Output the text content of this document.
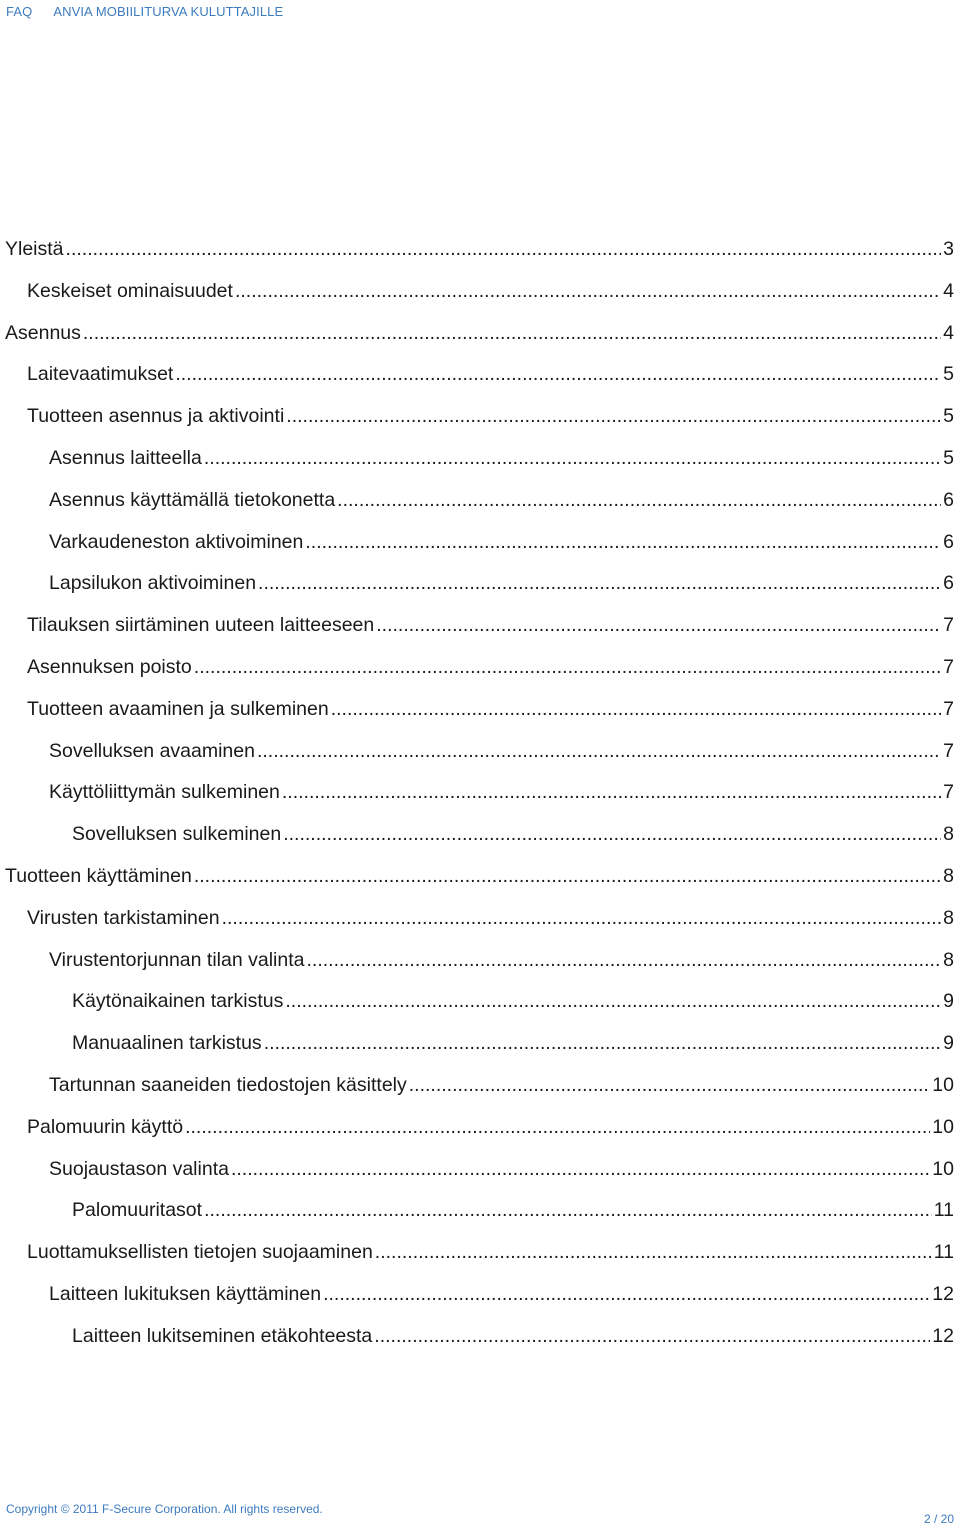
FAQ ANVIA MOBIILITURVA KULUTTAJILLE
Yleistä .....	3
Keskeiset ominaisuudet .....	4
Asennus .....	4
Laitevaatimukset .....	5
Tuotteen asennus ja aktivointi .....	5
Asennus laitteella .....	5
Asennus käyttämällä tietokonetta .....	6
Varkaudeneston aktivoiminen .....	6
Lapsilukon aktivoiminen .....	6
Tilauksen siirtäminen uuteen laitteeseen .....	7
Asennuksen poisto .....	7
Tuotteen avaaminen ja sulkeminen .....	7
Sovelluksen avaaminen .....	7
Käyttöliittymän sulkeminen .....	7
Sovelluksen sulkeminen .....	8
Tuotteen käyttäminen .....	8
Virusten tarkistaminen .....	8
Virustentorjunnan tilan valinta .....	8
Käytönaikainen tarkistus .....	9
Manuaalinen tarkistus .....	9
Tartunnan saaneiden tiedostojen käsittely .....	10
Palomuurin käyttö .....	10
Suojaustason valinta .....	10
Palomuuritasot .....	11
Luottamuksellisten tietojen suojaaminen .....	11
Laitteen lukituksen käyttäminen .....	12
Laitteen lukitseminen etäkohteesta .....	12
Copyright © 2011 F-Secure Corporation. All rights reserved.
2 / 20
